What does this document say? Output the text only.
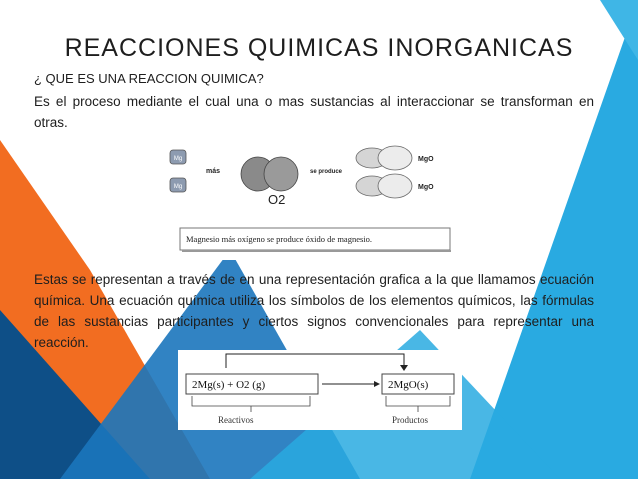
REACCIONES QUIMICAS INORGANICAS
¿ QUE ES UNA REACCION QUIMICA?
Es el proceso mediante el cual una o mas sustancias al interaccionar se transforman en otras.
Mg
Mg
más
O2
se produce
MgO
MgO
Magnesio más oxígeno se produce óxido de magnesio.
Estas se representan a través de en una representación grafica a la que llamamos ecuación química. Una ecuación química utiliza los símbolos de los elementos químicos, las fórmulas de las sustancias participantes y ciertos signos convencionales para representar una reacción.
2Mg(s) + O2 (g)	2MgO(s)
Reactivos	Productos
